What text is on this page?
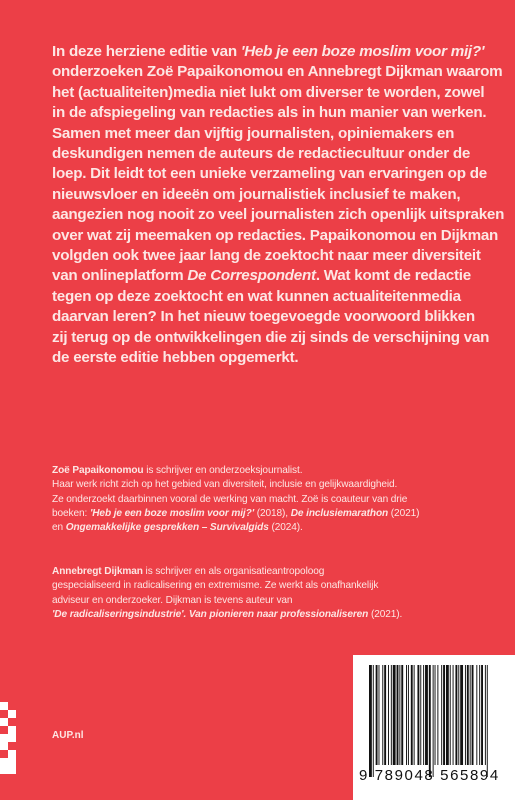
In deze herziene editie van 'Heb je een boze moslim voor mij?'
onderzoeken Zoë Papaikonomou en Annebregt Dijkman waarom
het (actualiteiten)media niet lukt om diverser te worden, zowel
in de afspiegeling van redacties als in hun manier van werken.
Samen met meer dan vijftig journalisten, opiniemakers en
deskundigen nemen de auteurs de redactiecultuur onder de
loep. Dit leidt tot een unieke verzameling van ervaringen op de
nieuwsvloer en ideeën om journalistiek inclusief te maken,
aangezien nog nooit zo veel journalisten zich openlijk uitspraken
over wat zij meemaken op redacties. Papaikonomou en Dijkman
volgden ook twee jaar lang de zoektocht naar meer diversiteit
van onlineplatform De Correspondent. Wat komt de redactie
tegen op deze zoektocht en wat kunnen actualiteitenmedia
daarvan leren? In het nieuw toegevoegde voorwoord blikken
zij terug op de ontwikkelingen die zij sinds de verschijning van
de eerste editie hebben opgemerkt.
Zoë Papaikonomou is schrijver en onderzoeksjournalist.
Haar werk richt zich op het gebied van diversiteit, inclusie en gelijkwaardigheid.
Ze onderzoekt daarbinnen vooral de werking van macht. Zoë is coauteur van drie
boeken: 'Heb je een boze moslim voor mij?' (2018), De inclusiemarathon (2021)
en Ongemakkelijke gesprekken – Survivalgids (2024).
Annebregt Dijkman is schrijver en als organisatieantropoloog
gespecialiseerd in radicalisering en extremisme. Ze werkt als onafhankelijk
adviseur en onderzoeker. Dijkman is tevens auteur van
'De radicaliseringsindustrie'. Van pionieren naar professionaliseren (2021).
AUP.nl
9 789048 565894
